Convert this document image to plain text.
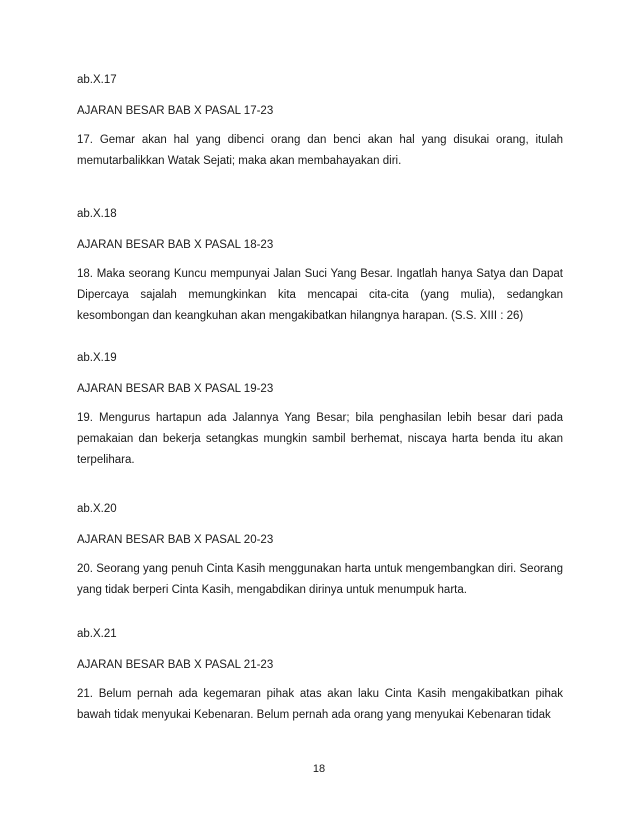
ab.X.17

AJARAN BESAR BAB X PASAL 17-23

17. Gemar akan hal yang dibenci orang dan benci akan hal yang disukai orang, itulah memutarbalikkan Watak Sejati; maka akan membahayakan diri.

ab.X.18

AJARAN BESAR BAB X PASAL 18-23

18. Maka seorang Kuncu mempunyai Jalan Suci Yang Besar. Ingatlah hanya Satya dan Dapat Dipercaya sajalah memungkinkan kita mencapai cita-cita (yang mulia), sedangkan kesombongan dan keangkuhan akan mengakibatkan hilangnya harapan. (S.S. XIII : 26)

ab.X.19

AJARAN BESAR BAB X PASAL 19-23

19. Mengurus hartapun ada Jalannya Yang Besar; bila penghasilan lebih besar dari pada pemakaian dan bekerja setangkas mungkin sambil berhemat, niscaya harta benda itu akan terpelihara.

ab.X.20

AJARAN BESAR BAB X PASAL 20-23

20. Seorang yang penuh Cinta Kasih menggunakan harta untuk mengembangkan diri. Seorang yang tidak berperi Cinta Kasih, mengabdikan dirinya untuk menumpuk harta.

ab.X.21

AJARAN BESAR BAB X PASAL 21-23

21. Belum pernah ada kegemaran pihak atas akan laku Cinta Kasih mengakibatkan pihak bawah tidak menyukai Kebenaran. Belum pernah ada orang yang menyukai Kebenaran tidak

18
